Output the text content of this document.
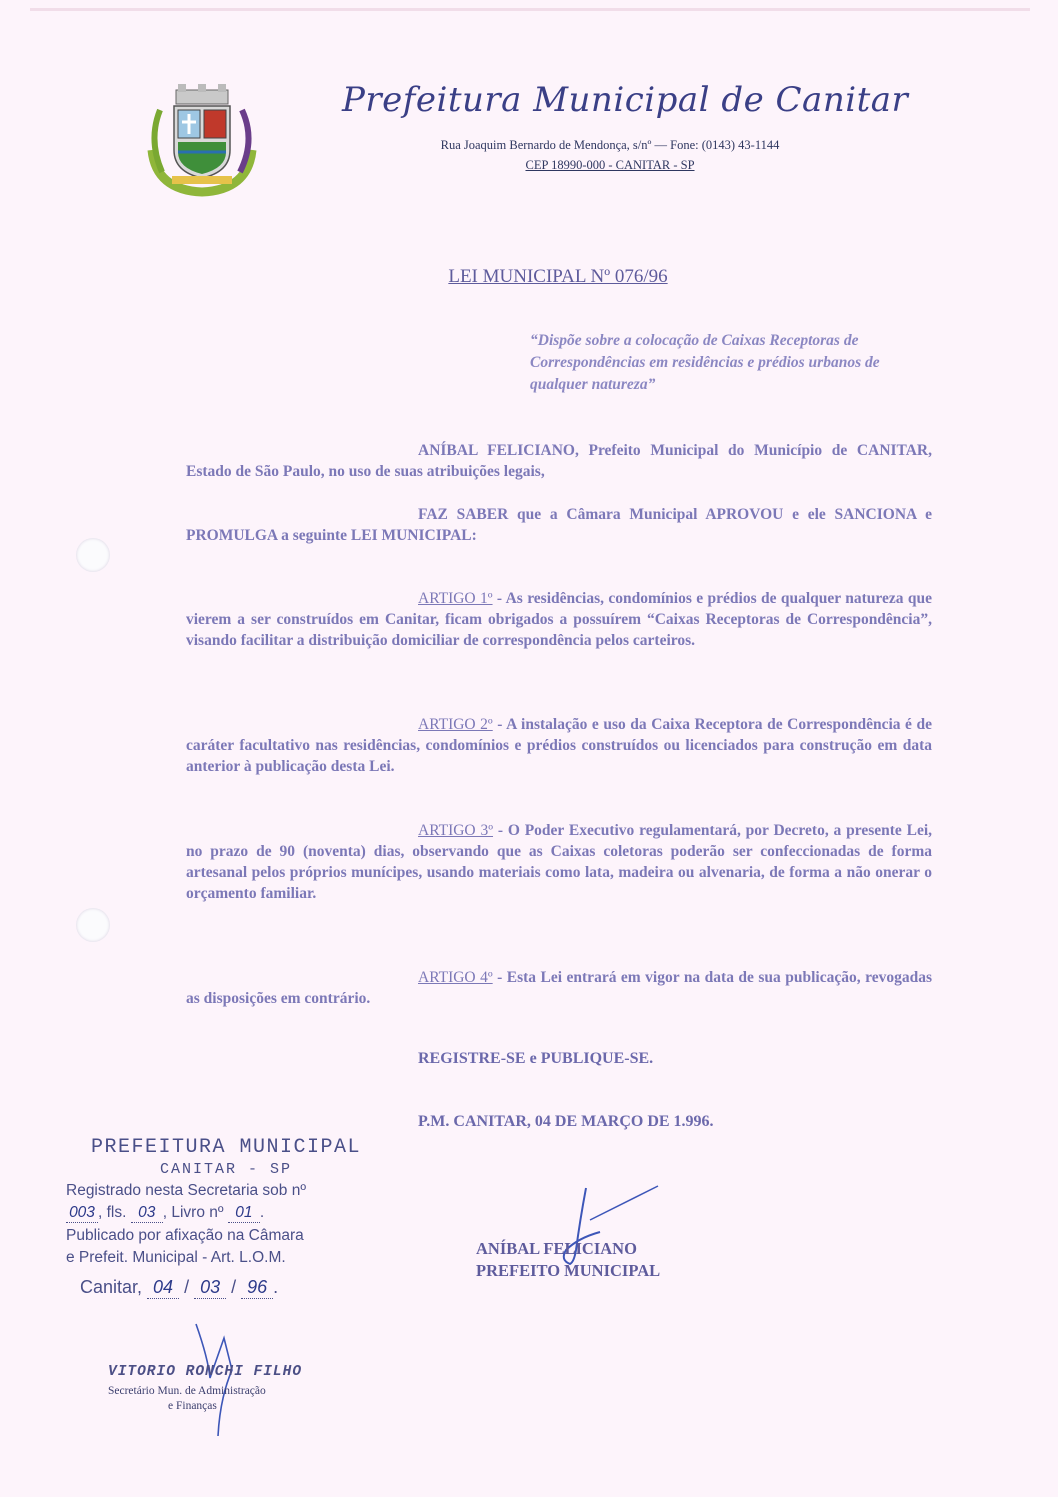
Prefeitura Municipal de Canitar
Rua Joaquim Bernardo de Mendonça, s/nº — Fone: (0143) 43-1144
CEP 18990-000 - CANITAR - SP
LEI MUNICIPAL Nº 076/96
“Dispõe sobre a colocação de Caixas Receptoras de Correspondências em residências e prédios urbanos de qualquer natureza”
ANÍBAL FELICIANO, Prefeito Municipal do Município de CANITAR, Estado de São Paulo, no uso de suas atribuições legais,
FAZ SABER que a Câmara Municipal APROVOU e ele SANCIONA e PROMULGA a seguinte LEI MUNICIPAL:
ARTIGO 1º - As residências, condomínios e prédios de qualquer natureza que vierem a ser construídos em Canitar, ficam obrigados a possuírem “Caixas Receptoras de Correspondência”, visando facilitar a distribuição domiciliar de correspondência pelos carteiros.
ARTIGO 2º - A instalação e uso da Caixa Receptora de Correspondência é de caráter facultativo nas residências, condomínios e prédios construídos ou licenciados para construção em data anterior à publicação desta Lei.
ARTIGO 3º - O Poder Executivo regulamentará, por Decreto, a presente Lei, no prazo de 90 (noventa) dias, observando que as Caixas coletoras poderão ser confeccionadas de forma artesanal pelos próprios munícipes, usando materiais como lata, madeira ou alvenaria, de forma a não onerar o orçamento familiar.
ARTIGO 4º - Esta Lei entrará em vigor na data de sua publicação, revogadas as disposições em contrário.
REGISTRE-SE e PUBLIQUE-SE.
P.M. CANITAR, 04 DE MARÇO DE 1.996.
ANÍBAL FELICIANO
PREFEITO MUNICIPAL
PREFEITURA MUNICIPAL
CANITAR - SP
Registrado nesta Secretaria sob nº
003 , fls. 03 , Livro nº 01 .
Publicado por afixação na Câmara
e Prefeit. Municipal - Art. L.O.M.
Canitar, 04 / 03 / 96 .
VITORIO RONCHI FILHO
Secretário Mun. de Administração
e Finanças
